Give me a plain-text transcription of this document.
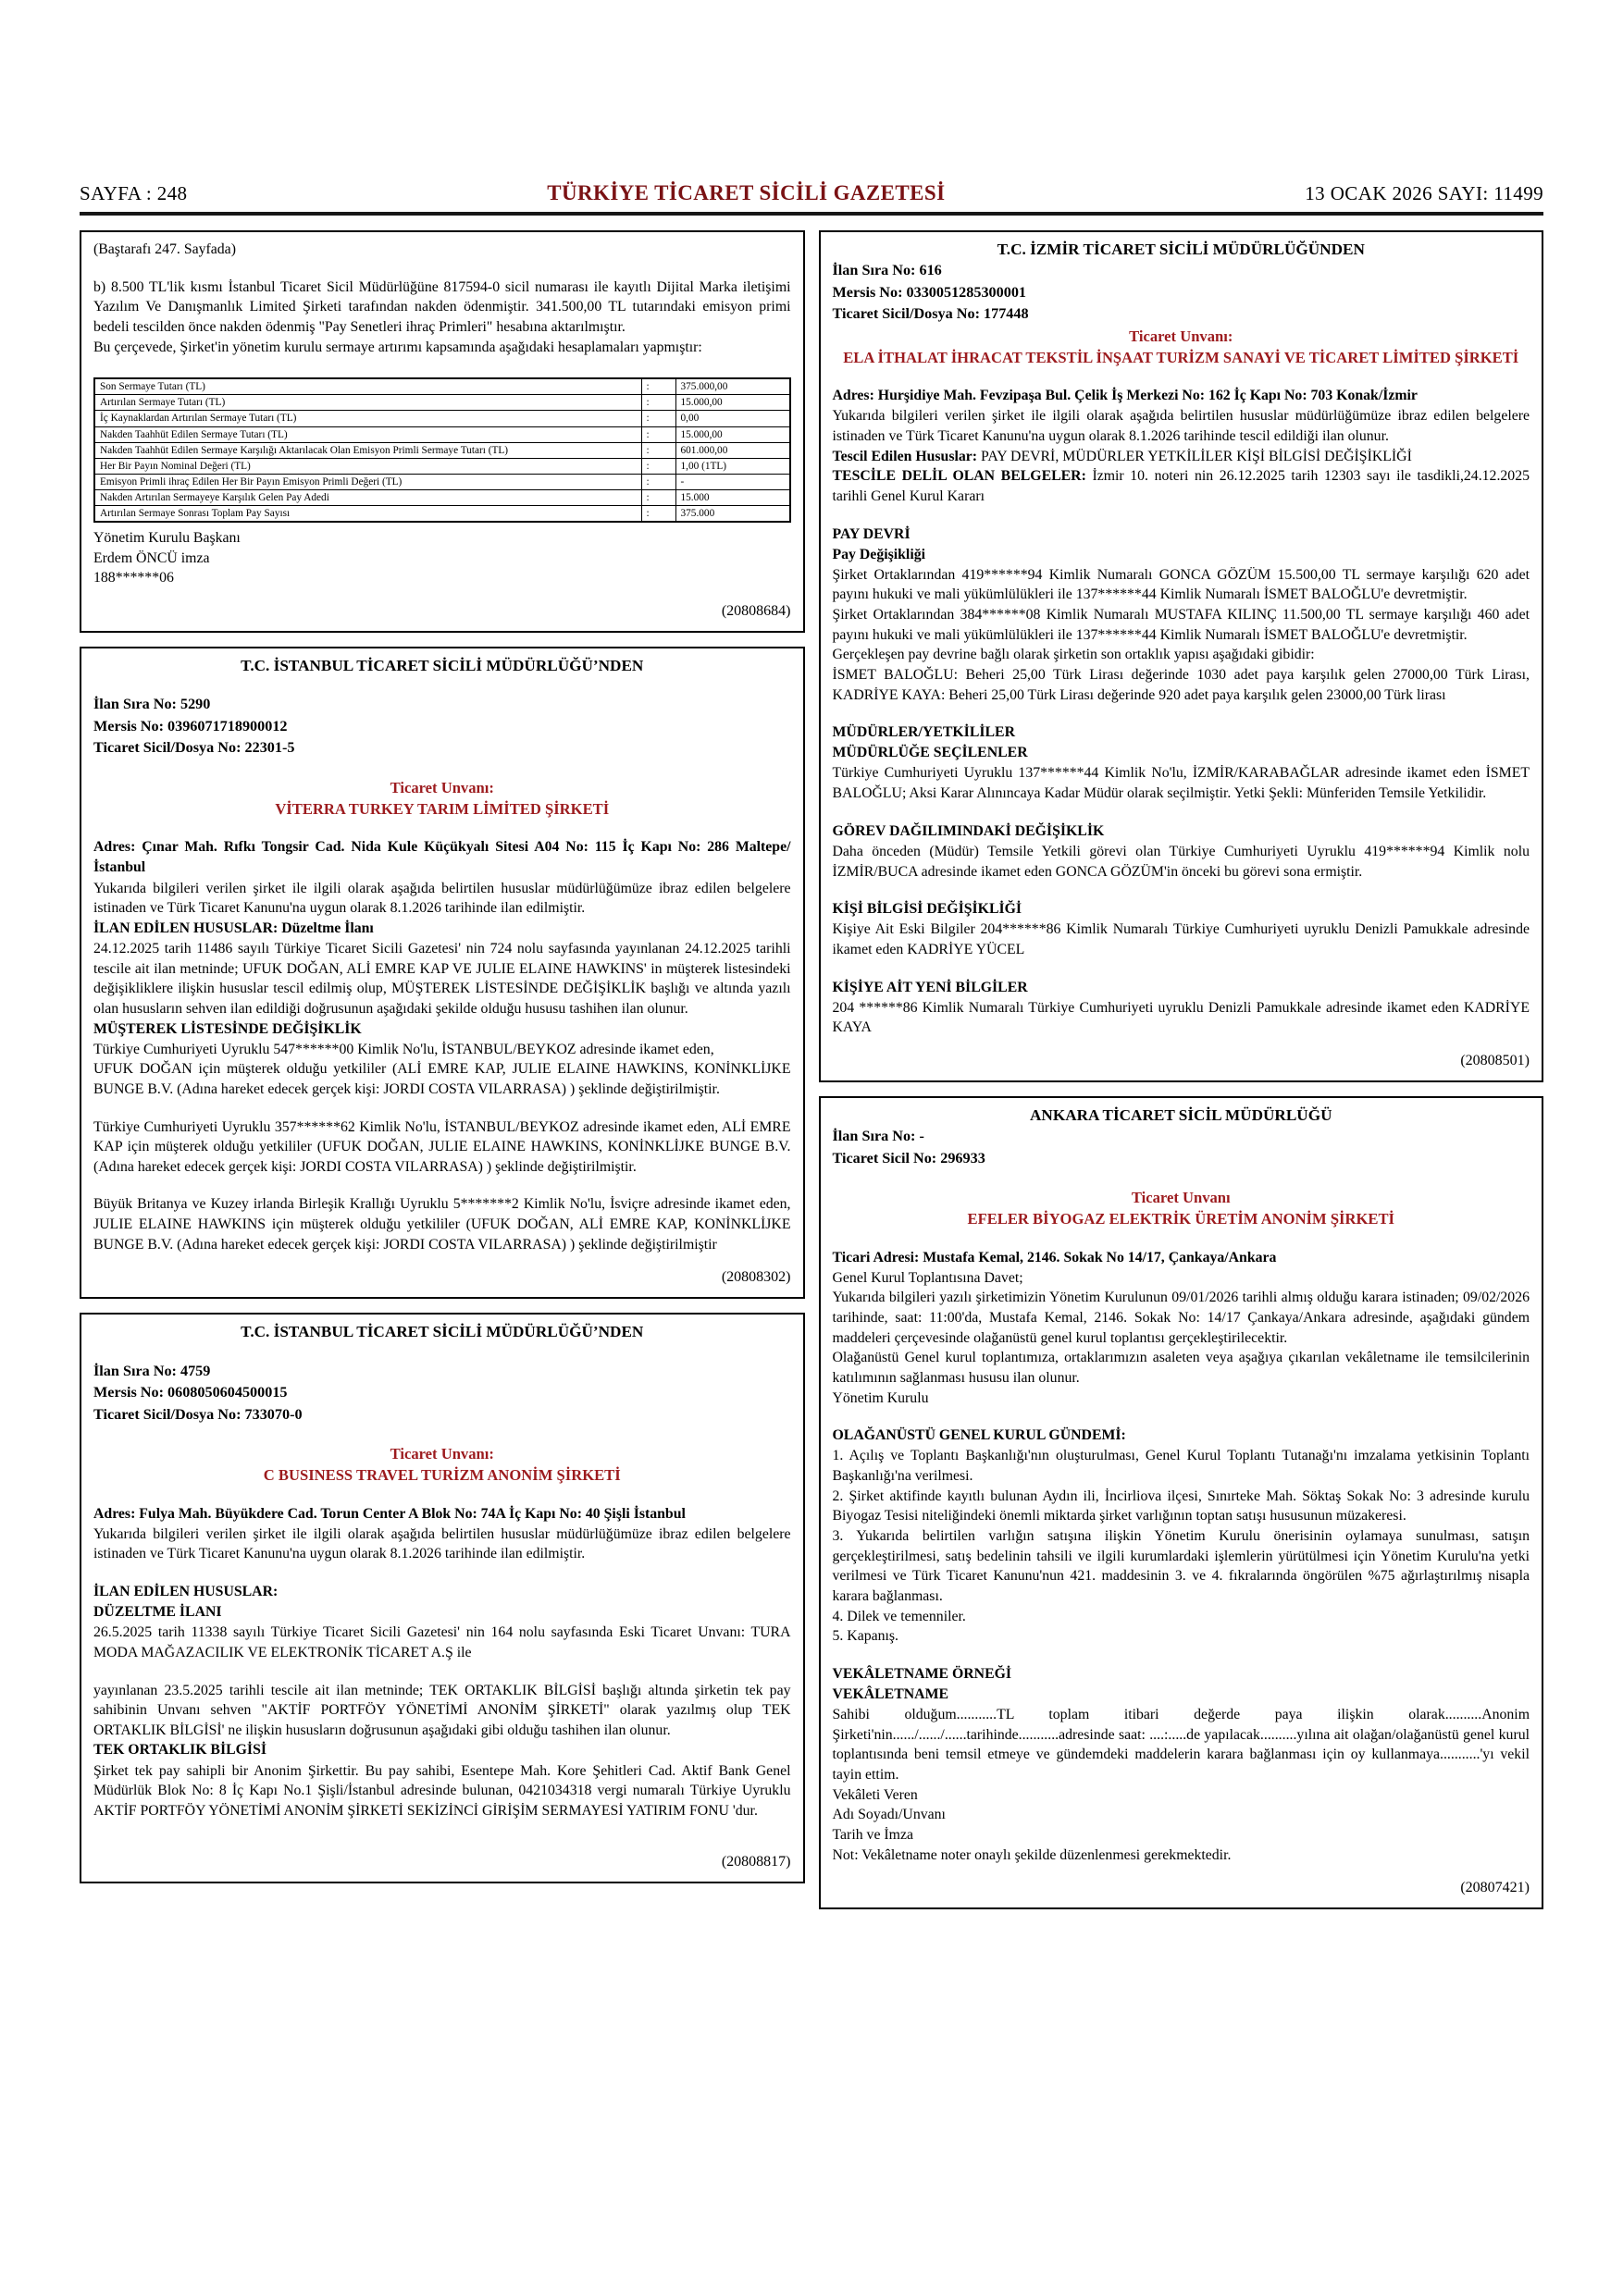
SAYFA : 248	TÜRKİYE TİCARET SİCİLİ GAZETESİ	13 OCAK 2026 SAYI: 11499

(Baştarafı 247. Sayfada)

b) 8.500 TL'lik kısmı İstanbul Ticaret Sicil Müdürlüğüne 817594-0 sicil numarası ile kayıtlı Dijital Marka iletişimi Yazılım Ve Danışmanlık Limited Şirketi tarafından nakden ödenmiştir. 341.500,00 TL tutarındaki emisyon primi bedeli tescilden önce nakden ödenmiş "Pay Senetleri ihraç Primleri" hesabına aktarılmıştır.

Bu çerçevede, Şirket'in yönetim kurulu sermaye artırımı kapsamında aşağıdaki hesaplamaları yapmıştır:

Son Sermaye Tutarı (TL)	:	375.000,00
Artırılan Sermaye Tutarı (TL)	:	15.000,00
İç Kaynaklardan Artırılan Sermaye Tutarı (TL)	:	0,00
Nakden Taahhüt Edilen Sermaye Tutarı (TL)	:	15.000,00
Nakden Taahhüt Edilen Sermaye Karşılığı Aktarılacak Olan Emisyon Primli Sermaye Tutarı (TL)	:	601.000,00
Her Bir Payın Nominal Değeri (TL)	:	1,00 (1TL)
Emisyon Primli ihraç Edilen Her Bir Payın Emisyon Primli Değeri (TL)	:	-
Nakden Artırılan Sermayeye Karşılık Gelen Pay Adedi	:	15.000
Artırılan Sermaye Sonrası Toplam Pay Sayısı	:	375.000

Yönetim Kurulu Başkanı

Erdem ÖNCÜ imza

188******06

(20808684)

T.C. İSTANBUL TİCARET SİCİLİ MÜDÜRLÜĞÜ’NDEN

İlan Sıra No: 5290

Mersis No: 0396071718900012

Ticaret Sicil/Dosya No: 22301-5

Ticaret Unvanı:

VİTERRA TURKEY TARIM LİMİTED ŞİRKETİ

Adres: Çınar Mah. Rıfkı Tongsir Cad. Nida Kule Küçükyalı Sitesi A04 No: 115 İç Kapı No: 286 Maltepe/İstanbul

Yukarıda bilgileri verilen şirket ile ilgili olarak aşağıda belirtilen hususlar müdürlüğümüze ibraz edilen belgelere istinaden ve Türk Ticaret Kanunu'na uygun olarak 8.1.2026 tarihinde ilan edilmiştir.

İLAN EDİLEN HUSUSLAR: Düzeltme İlanı

24.12.2025 tarih 11486 sayılı Türkiye Ticaret Sicili Gazetesi' nin 724 nolu sayfasında yayınlanan 24.12.2025 tarihli tescile ait ilan metninde; UFUK DOĞAN, ALİ EMRE KAP VE JULIE ELAINE HAWKINS' in müşterek listesindeki değişikliklere ilişkin hususlar tescil edilmiş olup, MÜŞTEREK LİSTESİNDE DEĞİŞİKLİK başlığı ve altında yazılı olan hususların sehven ilan edildiği doğrusunun aşağıdaki şekilde olduğu hususu tashihen ilan olunur.

MÜŞTEREK LİSTESİNDE DEĞİŞİKLİK

Türkiye Cumhuriyeti Uyruklu 547******00 Kimlik No'lu, İSTANBUL/BEYKOZ adresinde ikamet eden,

UFUK DOĞAN için müşterek olduğu yetkililer (ALİ EMRE KAP, JULIE ELAINE HAWKINS, KONİNKLİJKE BUNGE B.V. (Adına hareket edecek gerçek kişi: JORDI COSTA VILARRASA) ) şeklinde değiştirilmiştir.

Türkiye Cumhuriyeti Uyruklu 357******62 Kimlik No'lu, İSTANBUL/BEYKOZ adresinde ikamet eden, ALİ EMRE KAP için müşterek olduğu yetkililer (UFUK DOĞAN, JULIE ELAINE HAWKINS, KONİNKLİJKE BUNGE B.V. (Adına hareket edecek gerçek kişi: JORDI COSTA VILARRASA) ) şeklinde değiştirilmiştir.

Büyük Britanya ve Kuzey irlanda Birleşik Krallığı Uyruklu 5*******2 Kimlik No'lu, İsviçre adresinde ikamet eden, JULIE ELAINE HAWKINS için müşterek olduğu yetkililer (UFUK DOĞAN, ALİ EMRE KAP, KONİNKLİJKE BUNGE B.V. (Adına hareket edecek gerçek kişi: JORDI COSTA VILARRASA) ) şeklinde değiştirilmiştir

(20808302)

T.C. İSTANBUL TİCARET SİCİLİ MÜDÜRLÜĞÜ’NDEN

İlan Sıra No: 4759

Mersis No: 0608050604500015

Ticaret Sicil/Dosya No: 733070-0

Ticaret Unvanı:

C BUSINESS TRAVEL TURİZM ANONİM ŞİRKETİ

Adres: Fulya Mah. Büyükdere Cad. Torun Center A Blok No: 74A İç Kapı No: 40 Şişli İstanbul

Yukarıda bilgileri verilen şirket ile ilgili olarak aşağıda belirtilen hususlar müdürlüğümüze ibraz edilen belgelere istinaden ve Türk Ticaret Kanunu'na uygun olarak 8.1.2026 tarihinde ilan edilmiştir.

İLAN EDİLEN HUSUSLAR:

DÜZELTME İLANI

26.5.2025 tarih 11338 sayılı Türkiye Ticaret Sicili Gazetesi' nin 164 nolu sayfasında Eski Ticaret Unvanı: TURA MODA MAĞAZACILIK VE ELEKTRONİK TİCARET A.Ş ile

yayınlanan 23.5.2025 tarihli tescile ait ilan metninde; TEK ORTAKLIK BİLGİSİ başlığı altında şirketin tek pay sahibinin Unvanı sehven "AKTİF PORTFÖY YÖNETİMİ ANONİM ŞİRKETİ" olarak yazılmış olup TEK ORTAKLIK BİLGİSİ' ne ilişkin hususların doğrusunun aşağıdaki gibi olduğu tashihen ilan olunur.

TEK ORTAKLIK BİLGİSİ

Şirket tek pay sahipli bir Anonim Şirkettir. Bu pay sahibi, Esentepe Mah. Kore Şehitleri Cad. Aktif Bank Genel Müdürlük Blok No: 8 İç Kapı No.1 Şişli/İstanbul adresinde bulunan, 0421034318 vergi numaralı Türkiye Uyruklu AKTİF PORTFÖY YÖNETİMİ ANONİM ŞİRKETİ SEKİZİNCİ GİRİŞİM SERMAYESİ YATIRIM FONU 'dur.

(20808817)

T.C. İZMİR TİCARET SİCİLİ MÜDÜRLÜĞÜNDEN

İlan Sıra No: 616

Mersis No: 0330051285300001

Ticaret Sicil/Dosya No: 177448

Ticaret Unvanı:

ELA İTHALAT İHRACAT TEKSTİL İNŞAAT TURİZM SANAYİ VE TİCARET LİMİTED ŞİRKETİ

Adres: Hurşidiye Mah. Fevzipaşa Bul. Çelik İş Merkezi No: 162 İç Kapı No: 703 Konak/İzmir

Yukarıda bilgileri verilen şirket ile ilgili olarak aşağıda belirtilen hususlar müdürlüğümüze ibraz edilen belgelere istinaden ve Türk Ticaret Kanunu'na uygun olarak 8.1.2026 tarihinde tescil edildiği ilan olunur.

Tescil Edilen Hususlar: PAY DEVRİ, MÜDÜRLER YETKİLİLER KİŞİ BİLGİSİ DEĞİŞİKLİĞİ

TESCİLE DELİL OLAN BELGELER: İzmir 10. noteri nin 26.12.2025 tarih 12303 sayı ile tasdikli,24.12.2025 tarihli Genel Kurul Kararı

PAY DEVRİ

Pay Değişikliği

Şirket Ortaklarından 419******94 Kimlik Numaralı GONCA GÖZÜM 15.500,00 TL sermaye karşılığı 620 adet payını hukuki ve mali yükümlülükleri ile 137******44 Kimlik Numaralı İSMET BALOĞLU'e devretmiştir.

Şirket Ortaklarından 384******08 Kimlik Numaralı MUSTAFA KILINÇ 11.500,00 TL sermaye karşılığı 460 adet payını hukuki ve mali yükümlülükleri ile 137******44 Kimlik Numaralı İSMET BALOĞLU'e devretmiştir.

Gerçekleşen pay devrine bağlı olarak şirketin son ortaklık yapısı aşağıdaki gibidir:

İSMET BALOĞLU: Beheri 25,00 Türk Lirası değerinde 1030 adet paya karşılık gelen 27000,00 Türk Lirası, KADRİYE KAYA: Beheri 25,00 Türk Lirası değerinde 920 adet paya karşılık gelen 23000,00 Türk lirası

MÜDÜRLER/YETKİLİLER

MÜDÜRLÜĞE SEÇİLENLER

Türkiye Cumhuriyeti Uyruklu 137******44 Kimlik No'lu, İZMİR/KARABAĞLAR adresinde ikamet eden İSMET BALOĞLU; Aksi Karar Alınıncaya Kadar Müdür olarak seçilmiştir. Yetki Şekli: Münferiden Temsile Yetkilidir.

GÖREV DAĞILIMINDAKİ DEĞİŞİKLİK

Daha önceden (Müdür) Temsile Yetkili görevi olan Türkiye Cumhuriyeti Uyruklu 419******94 Kimlik nolu İZMİR/BUCA adresinde ikamet eden GONCA GÖZÜM'in önceki bu görevi sona ermiştir.

KİŞİ BİLGİSİ DEĞİŞİKLİĞİ

Kişiye Ait Eski Bilgiler 204******86 Kimlik Numaralı Türkiye Cumhuriyeti uyruklu Denizli Pamukkale adresinde ikamet eden KADRİYE YÜCEL

KİŞİYE AİT YENİ BİLGİLER

204 ******86 Kimlik Numaralı Türkiye Cumhuriyeti uyruklu Denizli Pamukkale adresinde ikamet eden KADRİYE KAYA

(20808501)

ANKARA TİCARET SİCİL MÜDÜRLÜĞÜ

İlan Sıra No: -

Ticaret Sicil No: 296933

Ticaret Unvanı

EFELER BİYOGAZ ELEKTRİK ÜRETİM ANONİM ŞİRKETİ

Ticari Adresi: Mustafa Kemal, 2146. Sokak No 14/17, Çankaya/Ankara

Genel Kurul Toplantısına Davet;

Yukarıda bilgileri yazılı şirketimizin Yönetim Kurulunun 09/01/2026 tarihli almış olduğu karara istinaden; 09/02/2026 tarihinde, saat: 11:00'da, Mustafa Kemal, 2146. Sokak No: 14/17 Çankaya/Ankara adresinde, aşağıdaki gündem maddeleri çerçevesinde olağanüstü genel kurul toplantısı gerçekleştirilecektir.

Olağanüstü Genel kurul toplantımıza, ortaklarımızın asaleten veya aşağıya çıkarılan vekâletname ile temsilcilerinin katılımının sağlanması hususu ilan olunur.

Yönetim Kurulu

OLAĞANÜSTÜ GENEL KURUL GÜNDEMİ:

1. Açılış ve Toplantı Başkanlığı'nın oluşturulması, Genel Kurul Toplantı Tutanağı'nı imzalama yetkisinin Toplantı Başkanlığı'na verilmesi.

2. Şirket aktifinde kayıtlı bulunan Aydın ili, İncirliova ilçesi, Sınırteke Mah. Söktaş Sokak No: 3 adresinde kurulu Biyogaz Tesisi niteliğindeki önemli miktarda şirket varlığının toptan satışı hususunun müzakeresi.

3. Yukarıda belirtilen varlığın satışına ilişkin Yönetim Kurulu önerisinin oylamaya sunulması, satışın gerçekleştirilmesi, satış bedelinin tahsili ve ilgili kurumlardaki işlemlerin yürütülmesi için Yönetim Kurulu'na yetki verilmesi ve Türk Ticaret Kanunu'nun 421. maddesinin 3. ve 4. fıkralarında öngörülen %75 ağırlaştırılmış nisapla karara bağlanması.

4. Dilek ve temenniler.

5. Kapanış.

VEKÂLETNAME ÖRNEĞİ

VEKÂLETNAME

Sahibi olduğum...........TL toplam itibari değerde paya ilişkin olarak..........Anonim Şirketi'nin....../....../......tarihinde...........adresinde saat: ....:.....de yapılacak..........yılına ait olağan/olağanüstü genel kurul toplantısında beni temsil etmeye ve gündemdeki maddelerin karara bağlanması için oy kullanmaya...........'yı vekil tayin ettim.

Vekâleti Veren

Adı Soyadı/Unvanı

Tarih ve İmza

Not: Vekâletname noter onaylı şekilde düzenlenmesi gerekmektedir.

(20807421)
